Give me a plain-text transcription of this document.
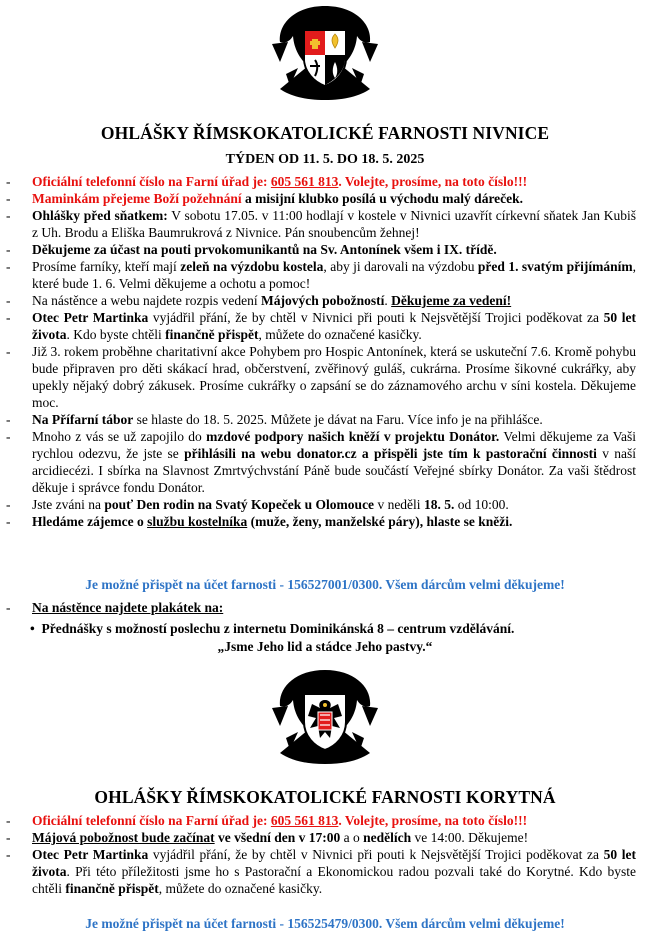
OHLÁŠKY ŘÍMSKOKATOLICKÉ FARNOSTI NIVNICE
TÝDEN OD 11. 5. DO 18. 5. 2025
- Oficiální telefonní číslo na Farní úřad je: 605 561 813. Volejte, prosíme, na toto číslo!!!
- Maminkám přejeme Boží požehnání a misijní klubko posílá u východu malý dáreček.
- Ohlášky před sňatkem: V sobotu 17.05. v 11:00 hodlají v kostele v Nivnici uzavřít církevní sňatek Jan Kubiš z Uh. Brodu a Eliška Baumrukrová z Nivnice. Pán snoubencům žehnej!
- Děkujeme za účast na pouti prvokomunikantů na Sv. Antonínek všem i IX. třídě.
- Prosíme farníky, kteří mají zeleň na výzdobu kostela, aby ji darovali na výzdobu před 1. svatým přijímáním, které bude 1. 6. Velmi děkujeme a ochotu a pomoc!
- Na nástěnce a webu najdete rozpis vedení Májových pobožností. Děkujeme za vedení!
- Otec Petr Martinka vyjádřil přání, že by chtěl v Nivnici při pouti k Nejsvětější Trojici poděkovat za 50 let života. Kdo byste chtěli finančně přispět, můžete do označené kasičky.
- Již 3. rokem proběhne charitativní akce Pohybem pro Hospic Antonínek, která se uskuteční 7.6. Kromě pohybu bude připraven pro děti skákací hrad, občerstvení, zvěřinový guláš, cukrárna. Prosíme šikovné cukrářky, aby upekly nějaký dobrý zákusek. Prosíme cukrářky o zapsání se do záznamového archu v síni kostela. Děkujeme moc.
- Na Přífarní tábor se hlaste do 18. 5. 2025. Můžete je dávat na Faru. Více info je na přihlášce.
- Mnoho z vás se už zapojilo do mzdové podpory našich kněží v projektu Donátor. Velmi děkujeme za Vaši rychlou odezvu, že jste se přihlásili na webu donator.cz a přispěli jste tím k pastorační činnosti v naší arcidiecézi. I sbírka na Slavnost Zmrtvýchvstání Páně bude součástí Veřejné sbírky Donátor. Za vaši štědrost děkuje i správce fondu Donátor.
- Jste zváni na pouť Den rodin na Svatý Kopeček u Olomouce v neděli 18. 5. od 10:00.
- Hledáme zájemce o službu kostelníka (muže, ženy, manželské páry), hlaste se kněži.
Je možné přispět na účet farnosti - 156527001/0300. Všem dárcům velmi děkujeme!
- Na nástěnce najdete plakátek na:
• Přednášky s možností poslechu z internetu Dominikánská 8 – centrum vzdělávání.
„Jsme Jeho lid a stádce Jeho pastvy.“
OHLÁŠKY ŘÍMSKOKATOLICKÉ FARNOSTI KORYTNÁ
- Oficiální telefonní číslo na Farní úřad je: 605 561 813. Volejte, prosíme, na toto číslo!!!
- Májová pobožnost bude začínat ve všední den v 17:00 a o nedělích ve 14:00. Děkujeme!
- Otec Petr Martinka vyjádřil přání, že by chtěl v Nivnici při pouti k Nejsvětější Trojici poděkovat za 50 let života. Při této příležitosti jsme ho s Pastorační a Ekonomickou radou pozvali také do Korytné. Kdo byste chtěli finančně přispět, můžete do označené kasičky.
Je možné přispět na účet farnosti - 156525479/0300. Všem dárcům velmi děkujeme!
